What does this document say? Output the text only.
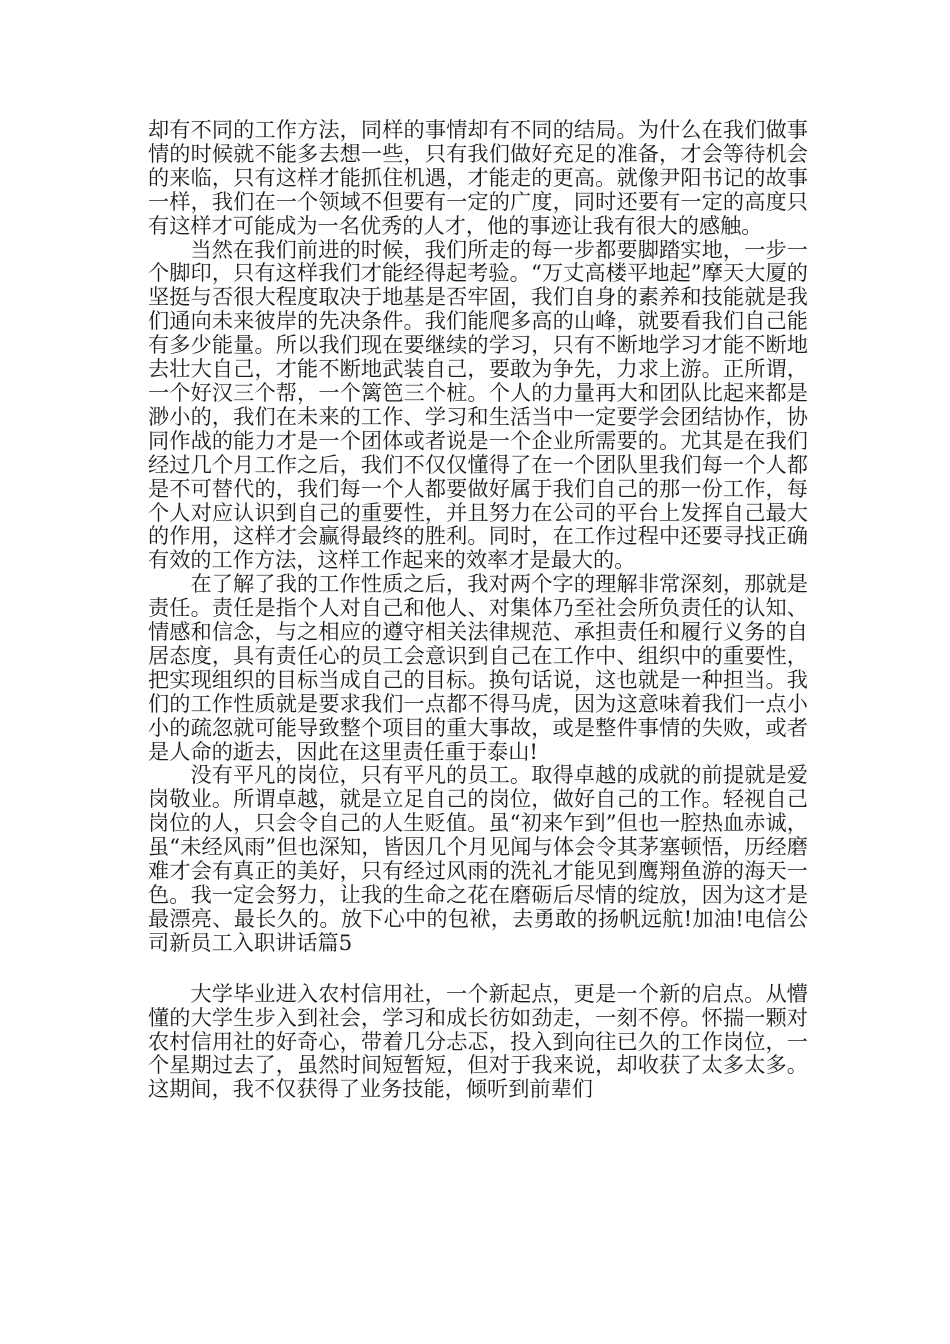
却有不同的工作方法，同样的事情却有不同的结局。为什么在我们做事情的时候就不能多去想一些，只有我们做好充足的准备，才会等待机会的来临，只有这样才能抓住机遇，才能走的更高。就像尹阳书记的故事一样，我们在一个领域不但要有一定的广度，同时还要有一定的高度只有这样才可能成为一名优秀的人才，他的事迹让我有很大的感触。

当然在我们前进的时候，我们所走的每一步都要脚踏实地，一步一个脚印，只有这样我们才能经得起考验。“万丈高楼平地起”摩天大厦的坚挺与否很大程度取决于地基是否牢固，我们自身的素养和技能就是我们通向未来彼岸的先决条件。我们能爬多高的山峰，就要看我们自己能有多少能量。所以我们现在要继续的学习，只有不断地学习才能不断地去壮大自己，才能不断地武装自己，要敢为争先，力求上游。正所谓，一个好汉三个帮，一个篱笆三个桩。个人的力量再大和团队比起来都是渺小的，我们在未来的工作、学习和生活当中一定要学会团结协作，协同作战的能力才是一个团体或者说是一个企业所需要的。尤其是在我们经过几个月工作之后，我们不仅仅懂得了在一个团队里我们每一个人都是不可替代的，我们每一个人都要做好属于我们自己的那一份工作，每个人对应认识到自己的重要性，并且努力在公司的平台上发挥自己最大的作用，这样才会赢得最终的胜利。同时，在工作过程中还要寻找正确有效的工作方法，这样工作起来的效率才是最大的。

在了解了我的工作性质之后，我对两个字的理解非常深刻，那就是责任。责任是指个人对自己和他人、对集体乃至社会所负责任的认知、情感和信念，与之相应的遵守相关法律规范、承担责任和履行义务的自居态度，具有责任心的员工会意识到自己在工作中、组织中的重要性，把实现组织的目标当成自己的目标。换句话说，这也就是一种担当。我们的工作性质就是要求我们一点都不得马虎，因为这意味着我们一点小小的疏忽就可能导致整个项目的重大事故，或是整件事情的失败，或者是人命的逝去，因此在这里责任重于泰山!

没有平凡的岗位，只有平凡的员工。取得卓越的成就的前提就是爱岗敬业。所谓卓越，就是立足自己的岗位，做好自己的工作。轻视自己岗位的人，只会令自己的人生贬值。虽“初来乍到”但也一腔热血赤诚，虽“未经风雨”但也深知，皆因几个月见闻与体会令其茅塞顿悟，历经磨难才会有真正的美好，只有经过风雨的洗礼才能见到鹰翔鱼游的海天一色。我一定会努力，让我的生命之花在磨砺后尽情的绽放，因为这才是最漂亮、最长久的。放下心中的包袱，去勇敢的扬帆远航!加油!电信公司新员工入职讲话篇5

大学毕业进入农村信用社，一个新起点，更是一个新的启点。从懵懂的大学生步入到社会，学习和成长彷如劲走，一刻不停。怀揣一颗对农村信用社的好奇心，带着几分忐忑，投入到向往已久的工作岗位，一个星期过去了，虽然时间短暂短，但对于我来说，却收获了太多太多。这期间，我不仅获得了业务技能，倾听到前辈们
